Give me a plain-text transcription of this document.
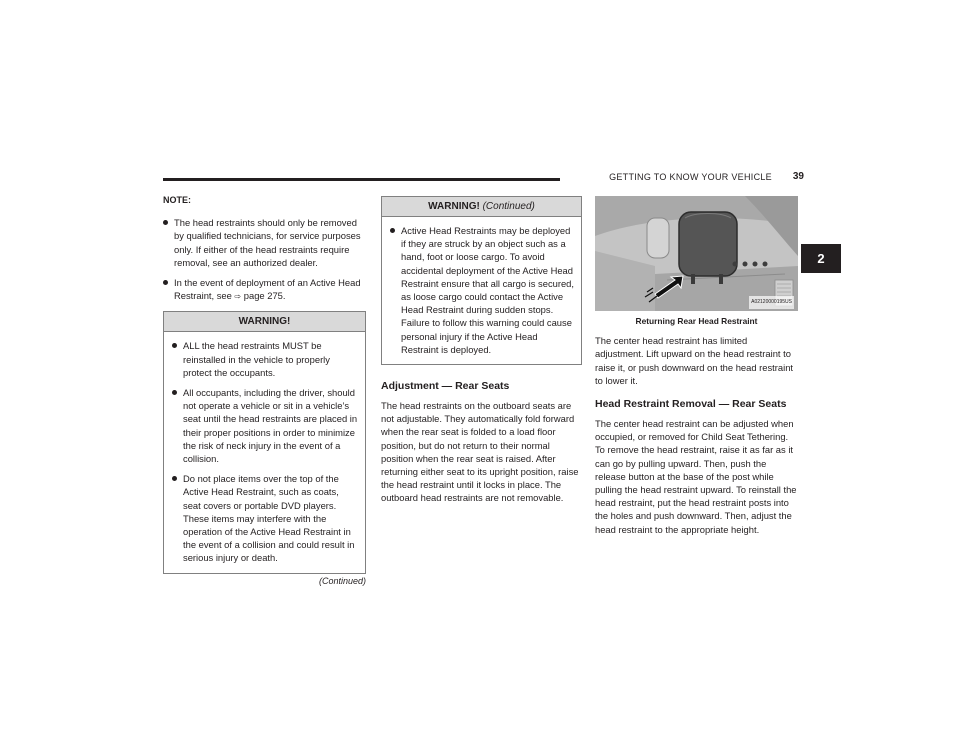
GETTING TO KNOW YOUR VEHICLE	39
2

NOTE:

The head restraints should only be removed by qualified technicians, for service purposes only. If either of the head restraints require removal, see an authorized dealer.

In the event of deployment of an Active Head Restraint, see ⇨ page 275.

WARNING!

ALL the head restraints MUST be reinstalled in the vehicle to properly protect the occupants.

All occupants, including the driver, should not operate a vehicle or sit in a vehicle’s seat until the head restraints are placed in their proper positions in order to minimize the risk of neck injury in the event of a collision.

Do not place items over the top of the Active Head Restraint, such as coats, seat covers or portable DVD players. These items may interfere with the operation of the Active Head Restraint in the event of a collision and could result in serious injury or death.

(Continued)
WARNING! (Continued)

Active Head Restraints may be deployed if they are struck by an object such as a hand, foot or loose cargo. To avoid accidental deployment of the Active Head Restraint ensure that all cargo is secured, as loose cargo could contact the Active Head Restraint during sudden stops. Failure to follow this warning could cause personal injury if the Active Head Restraint is deployed.

Adjustment — Rear Seats

The head restraints on the outboard seats are not adjustable. They automatically fold forward when the rear seat is folded to a load floor position, but do not return to their normal position when the rear seat is raised. After returning either seat to its upright position, raise the head restraint until it locks in place. The outboard head restraints are not removable.

A02120000195US
Returning Rear Head Restraint

The center head restraint has limited adjustment. Lift upward on the head restraint to raise it, or push downward on the head restraint to lower it.

Head Restraint Removal — Rear Seats

The center head restraint can be adjusted when occupied, or removed for Child Seat Tethering. To remove the head restraint, raise it as far as it can go by pulling upward. Then, push the release button at the base of the post while pulling the head restraint upward. To reinstall the head restraint, put the head restraint posts into the holes and push downward. Then, adjust the head restraint to the appropriate height.
